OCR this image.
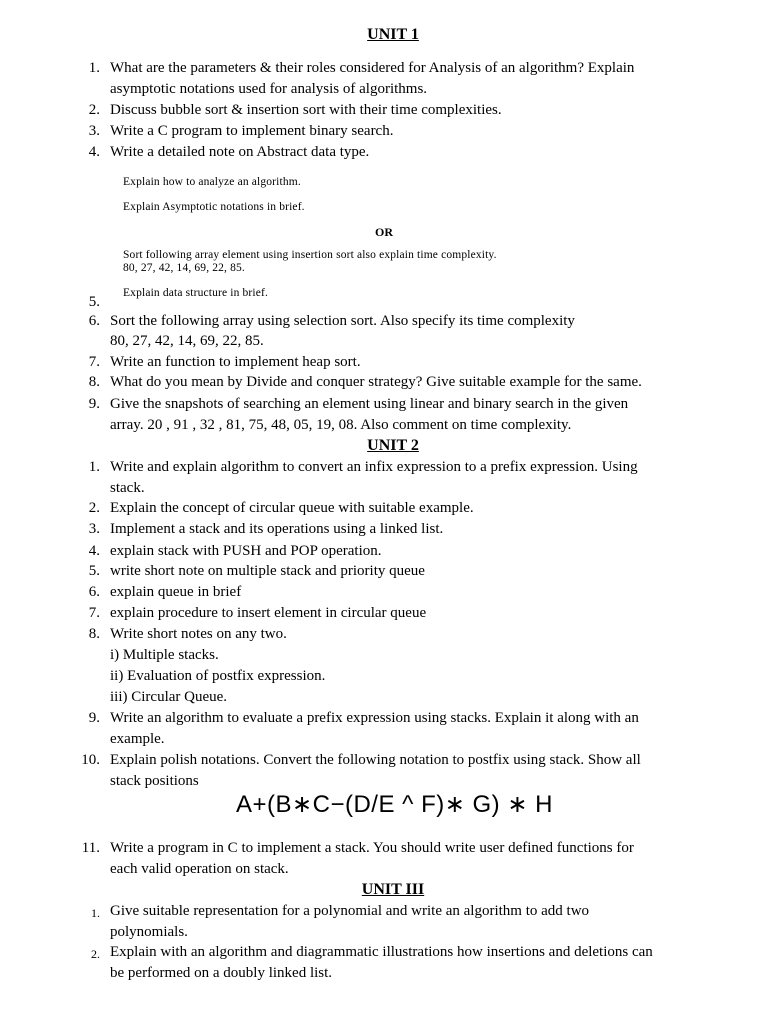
UNIT 1
1. What are the parameters & their roles considered for Analysis of an algorithm? Explain
asymptotic notations used for analysis of algorithms.
2. Discuss bubble sort & insertion sort with their time complexities.
3. Write a C program to implement binary search.
4. Write a detailed note on Abstract data type.
Explain how to analyze an algorithm.
Explain Asymptotic notations in brief.
OR
Sort following array element using insertion sort also explain time complexity.
80, 27, 42, 14, 69, 22, 85.
Explain data structure in brief.
5.
6. Sort the following array using selection sort. Also specify its time complexity
80, 27, 42, 14, 69, 22, 85.
7. Write an function to implement heap sort.
8. What do you mean by Divide and conquer strategy? Give suitable example for the same.
9. Give the snapshots of searching an element using linear and binary search in the given
array. 20 , 91 , 32 , 81, 75, 48, 05, 19, 08. Also comment on time complexity.
UNIT 2
1. Write and explain algorithm to convert an infix expression to a prefix expression. Using
stack.
2. Explain the concept of circular queue with suitable example.
3. Implement a stack and its operations using a linked list.
4. explain stack with PUSH and POP operation.
5. write short note on multiple stack and priority queue
6. explain queue in brief
7. explain procedure to insert element in circular queue
8. Write short notes on any two.
i) Multiple stacks.
ii) Evaluation of postfix expression.
iii) Circular Queue.
9. Write an algorithm to evaluate a prefix expression using stacks. Explain it along with an
example.
10. Explain polish notations. Convert the following notation to postfix using stack. Show all
stack positions
A+(B∗C−(D/E ^ F)∗ G) ∗ H
11. Write a program in C to implement a stack. You should write user defined functions for
each valid operation on stack.
UNIT III
1. Give suitable representation for a polynomial and write an algorithm to add two
polynomials.
2. Explain with an algorithm and diagrammatic illustrations how insertions and deletions can
be performed on a doubly linked list.
